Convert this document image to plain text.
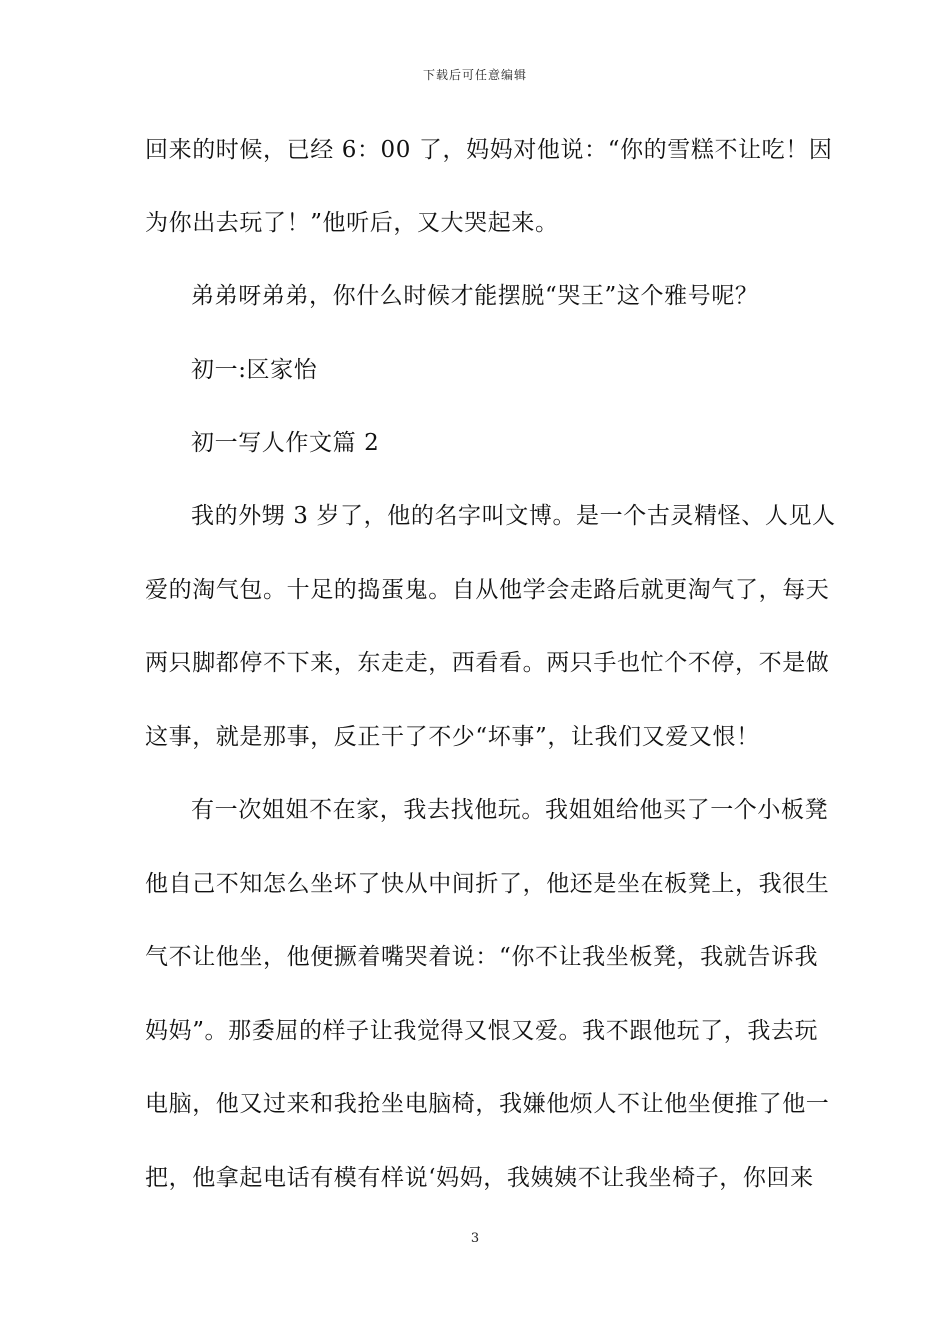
下载后可任意编辑
回来的时候，已经 6：00 了，妈妈对他说：“你的雪糕不让吃！因
为你出去玩了！”他听后，又大哭起来。
弟弟呀弟弟，你什么时候才能摆脱“哭王”这个雅号呢？
初一:区家怡
初一写人作文篇 2
我的外甥 3 岁了，他的名字叫文博。是一个古灵精怪、人见人
爱的淘气包。十足的捣蛋鬼。自从他学会走路后就更淘气了，每天
两只脚都停不下来，东走走，西看看。两只手也忙个不停，不是做
这事，就是那事，反正干了不少“坏事”，让我们又爱又恨！
有一次姐姐不在家，我去找他玩。我姐姐给他买了一个小板凳
他自己不知怎么坐坏了快从中间折了，他还是坐在板凳上，我很生
气不让他坐，他便撅着嘴哭着说：“你不让我坐板凳，我就告诉我
妈妈”。那委屈的样子让我觉得又恨又爱。我不跟他玩了，我去玩
电脑，他又过来和我抢坐电脑椅，我嫌他烦人不让他坐便推了他一
把，他拿起电话有模有样说‘妈妈，我姨姨不让我坐椅子，你回来
3
